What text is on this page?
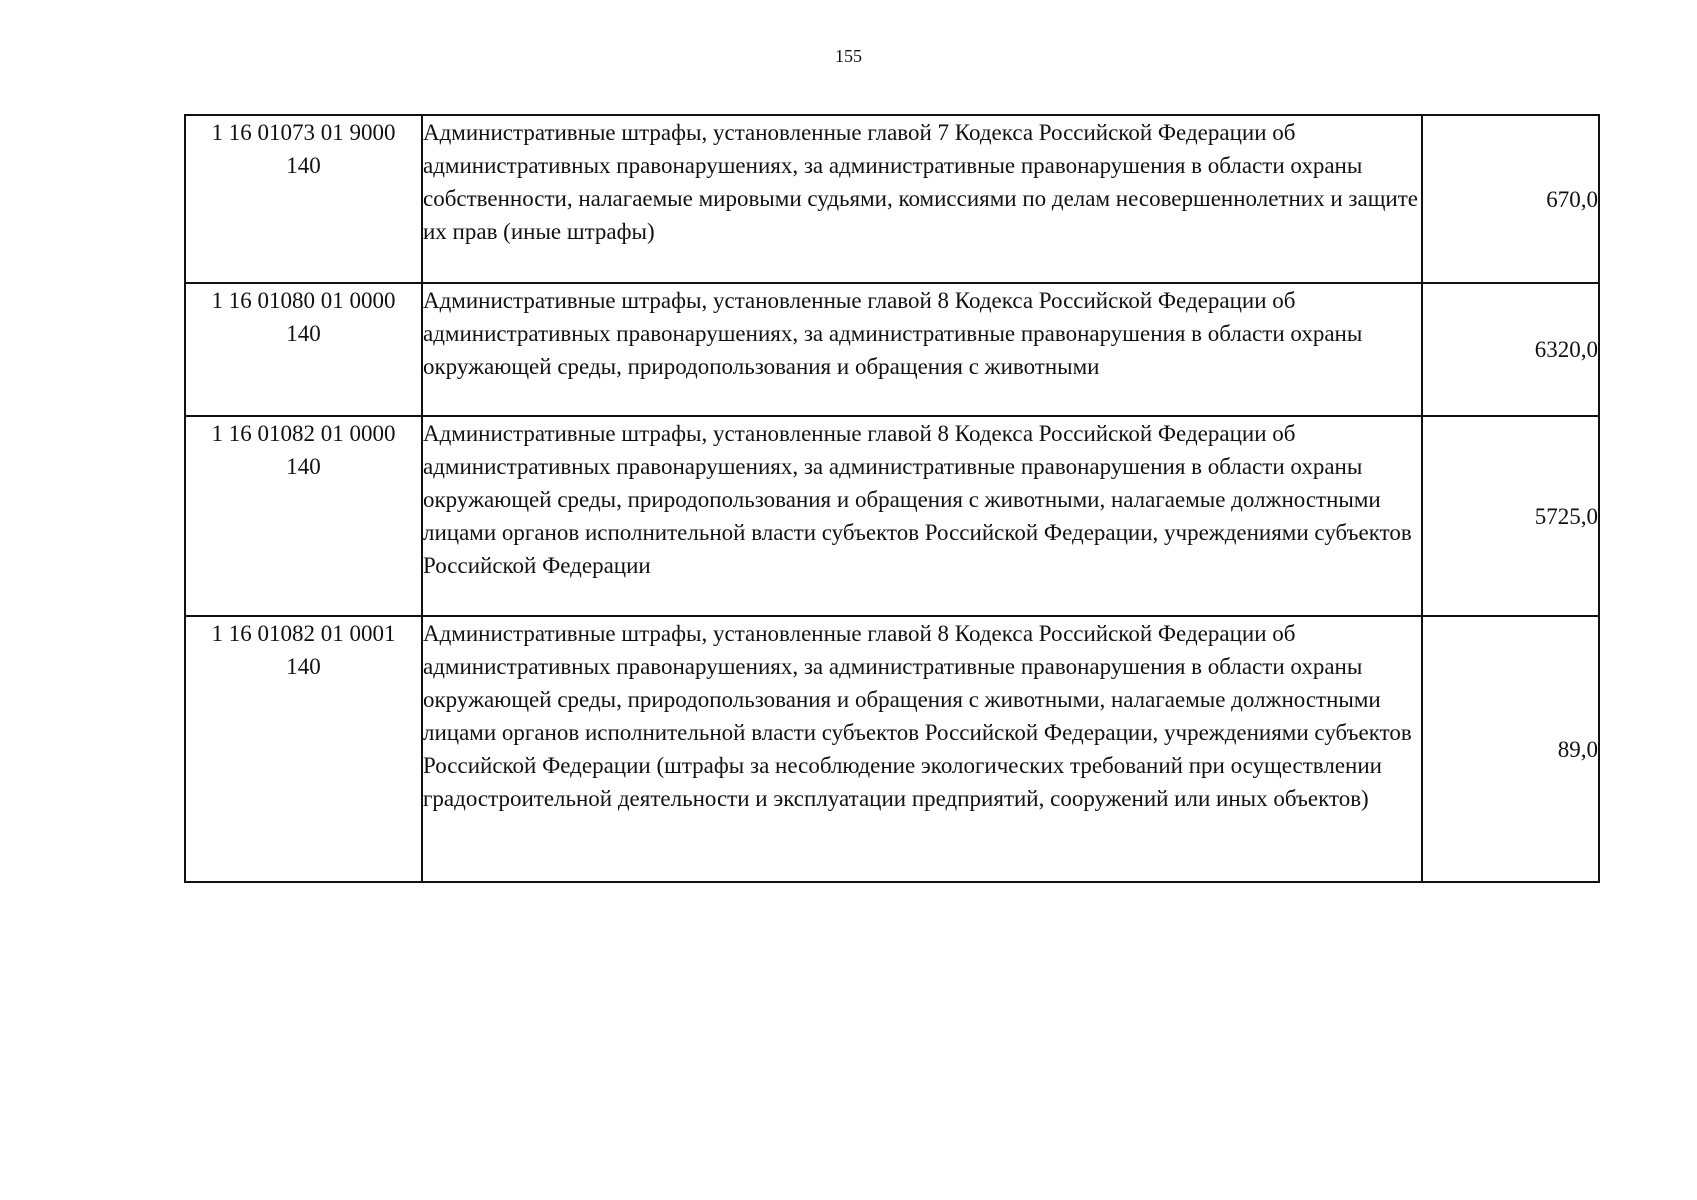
155
1 16 01073 01 9000
140	Административные штрафы, установленные главой 7 Кодекса Российской Федерации об административных правонарушениях, за административные правонарушения в области охраны собственности, налагаемые мировыми судьями, комиссиями по делам несовершеннолетних и защите их прав (иные штрафы)	670,0

1 16 01080 01 0000
140	Административные штрафы, установленные главой 8 Кодекса Российской Федерации об административных правонарушениях, за административные правонарушения в области охраны окружающей среды, природопользования и обращения с животными	6320,0

1 16 01082 01 0000
140	Административные штрафы, установленные главой 8 Кодекса Российской Федерации об административных правонарушениях, за административные правонарушения в области охраны окружающей среды, природопользования и обращения с животными, налагаемые должностными лицами органов исполнительной власти субъектов Российской Федерации, учреждениями субъектов Российской Федерации	5725,0

1 16 01082 01 0001
140	Административные штрафы, установленные главой 8 Кодекса Российской Федерации об административных правонарушениях, за административные правонарушения в области охраны окружающей среды, природопользования и обращения с животными, налагаемые должностными лицами органов исполнительной власти субъектов Российской Федерации, учреждениями субъектов Российской Федерации (штрафы за несоблюдение экологических требований при осуществлении градостроительной деятельности и эксплуатации предприятий, сооружений или иных объектов)	89,0
